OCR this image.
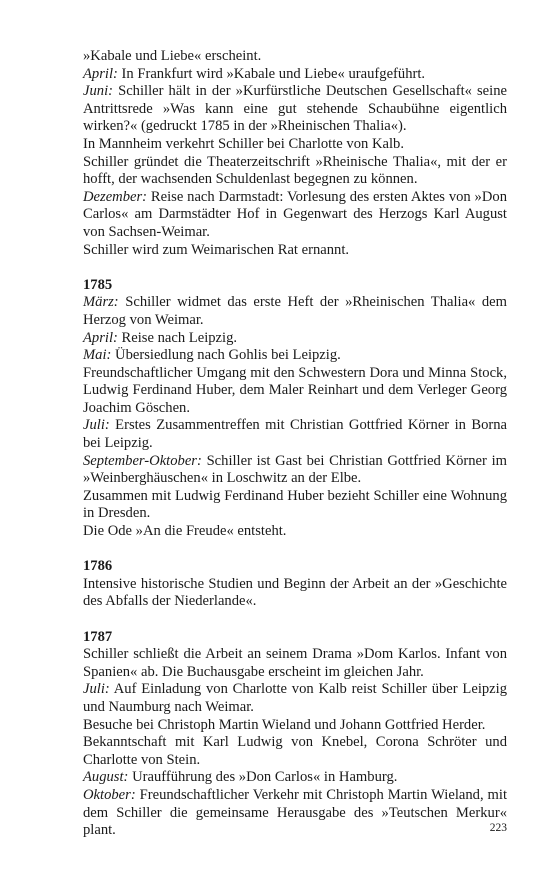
»Kabale und Liebe« erscheint.
April: In Frankfurt wird »Kabale und Liebe« uraufgeführt.
Juni: Schiller hält in der »Kurfürstliche Deutschen Gesellschaft« seine Antrittsrede »Was kann eine gut stehende Schaubühne eigentlich wirken?« (gedruckt 1785 in der »Rheinischen Thalia«).
In Mannheim verkehrt Schiller bei Charlotte von Kalb.
Schiller gründet die Theaterzeitschrift »Rheinische Thalia«, mit der er hofft, der wachsenden Schuldenlast begegnen zu können.
Dezember: Reise nach Darmstadt: Vorlesung des ersten Aktes von »Don Carlos« am Darmstädter Hof in Gegenwart des Herzogs Karl August von Sachsen-Weimar.
Schiller wird zum Weimarischen Rat ernannt.
1785
März: Schiller widmet das erste Heft der »Rheinischen Thalia« dem Herzog von Weimar.
April: Reise nach Leipzig.
Mai: Übersiedlung nach Gohlis bei Leipzig.
Freundschaftlicher Umgang mit den Schwestern Dora und Minna Stock, Ludwig Ferdinand Huber, dem Maler Reinhart und dem Verleger Georg Joachim Göschen.
Juli: Erstes Zusammentreffen mit Christian Gottfried Körner in Borna bei Leipzig.
September-Oktober: Schiller ist Gast bei Christian Gottfried Körner im »Weinberghäuschen« in Loschwitz an der Elbe.
Zusammen mit Ludwig Ferdinand Huber bezieht Schiller eine Wohnung in Dresden.
Die Ode »An die Freude« entsteht.
1786
Intensive historische Studien und Beginn der Arbeit an der »Geschichte des Abfalls der Niederlande«.
1787
Schiller schließt die Arbeit an seinem Drama »Dom Karlos. Infant von Spanien« ab. Die Buchausgabe erscheint im gleichen Jahr.
Juli: Auf Einladung von Charlotte von Kalb reist Schiller über Leipzig und Naumburg nach Weimar.
Besuche bei Christoph Martin Wieland und Johann Gottfried Herder.
Bekanntschaft mit Karl Ludwig von Knebel, Corona Schröter und Charlotte von Stein.
August: Uraufführung des »Don Carlos« in Hamburg.
Oktober: Freundschaftlicher Verkehr mit Christoph Martin Wieland, mit dem Schiller die gemeinsame Herausgabe des »Teutschen Merkur« plant.	223
